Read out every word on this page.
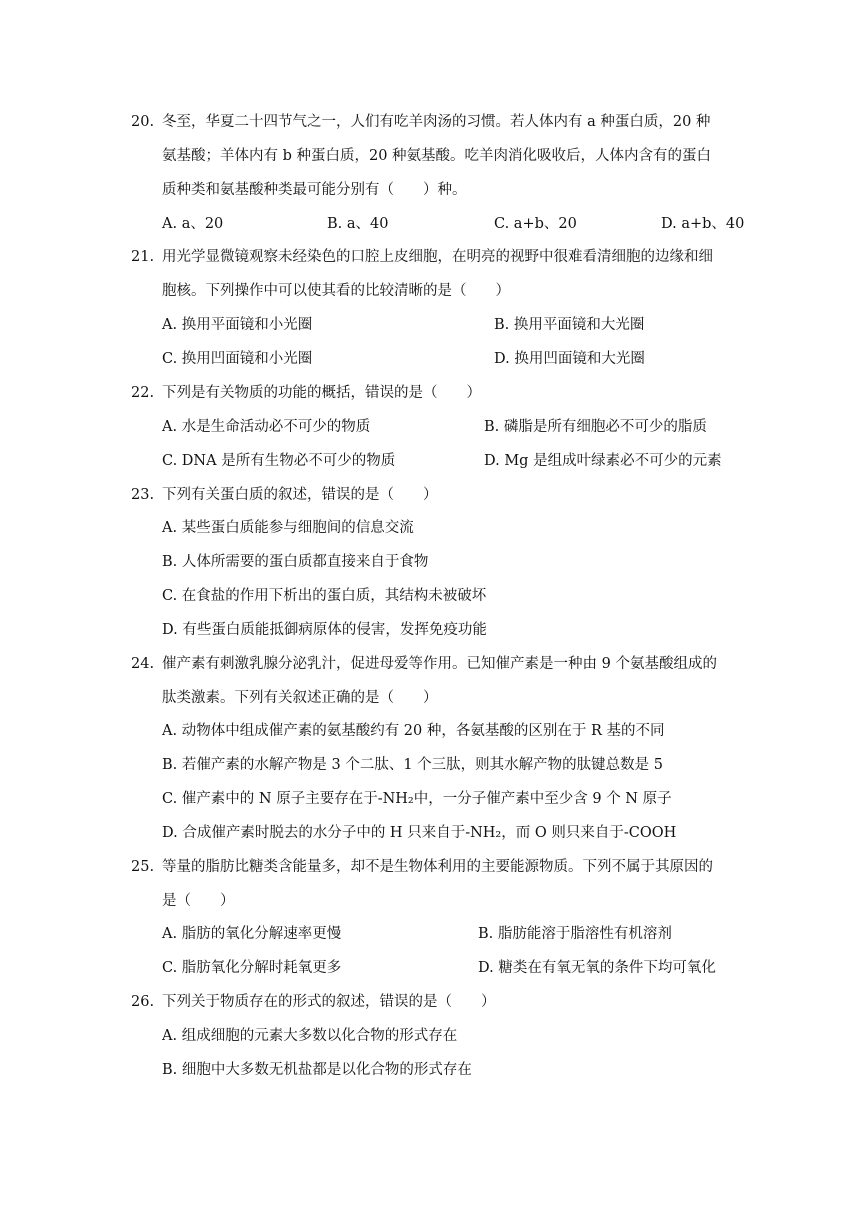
20. 冬至，华夏二十四节气之一，人们有吃羊肉汤的习惯。若人体内有 a 种蛋白质，20 种
氨基酸；羊体内有 b 种蛋白质，20 种氨基酸。吃羊肉消化吸收后，人体内含有的蛋白
质种类和氨基酸种类最可能分别有（　　）种。
A. a、20	B. a、40	C. a+b、20	D. a+b、40
21. 用光学显微镜观察未经染色的口腔上皮细胞，在明亮的视野中很难看清细胞的边缘和细
胞核。下列操作中可以使其看的比较清晰的是（　　）
A. 换用平面镜和小光圈	B. 换用平面镜和大光圈
C. 换用凹面镜和小光圈	D. 换用凹面镜和大光圈
22. 下列是有关物质的功能的概括，错误的是（　　）
A. 水是生命活动必不可少的物质	B. 磷脂是所有细胞必不可少的脂质
C. DNA 是所有生物必不可少的物质	D. Mg 是组成叶绿素必不可少的元素
23. 下列有关蛋白质的叙述，错误的是（　　）
A. 某些蛋白质能参与细胞间的信息交流
B. 人体所需要的蛋白质都直接来自于食物
C. 在食盐的作用下析出的蛋白质，其结构未被破坏
D. 有些蛋白质能抵御病原体的侵害，发挥免疫功能
24. 催产素有刺激乳腺分泌乳汁，促进母爱等作用。已知催产素是一种由 9 个氨基酸组成的
肽类激素。下列有关叙述正确的是（　　）
A. 动物体中组成催产素的氨基酸约有 20 种，各氨基酸的区别在于 R 基的不同
B. 若催产素的水解产物是 3 个二肽、1 个三肽，则其水解产物的肽键总数是 5
C. 催产素中的 N 原子主要存在于-NH₂中，一分子催产素中至少含 9 个 N 原子
D. 合成催产素时脱去的水分子中的 H 只来自于-NH₂，而 O 则只来自于-COOH
25. 等量的脂肪比糖类含能量多，却不是生物体利用的主要能源物质。下列不属于其原因的
是（　　）
A. 脂肪的氧化分解速率更慢	B. 脂肪能溶于脂溶性有机溶剂
C. 脂肪氧化分解时耗氧更多	D. 糖类在有氧无氧的条件下均可氧化
26. 下列关于物质存在的形式的叙述，错误的是（　　）
A. 组成细胞的元素大多数以化合物的形式存在
B. 细胞中大多数无机盐都是以化合物的形式存在
